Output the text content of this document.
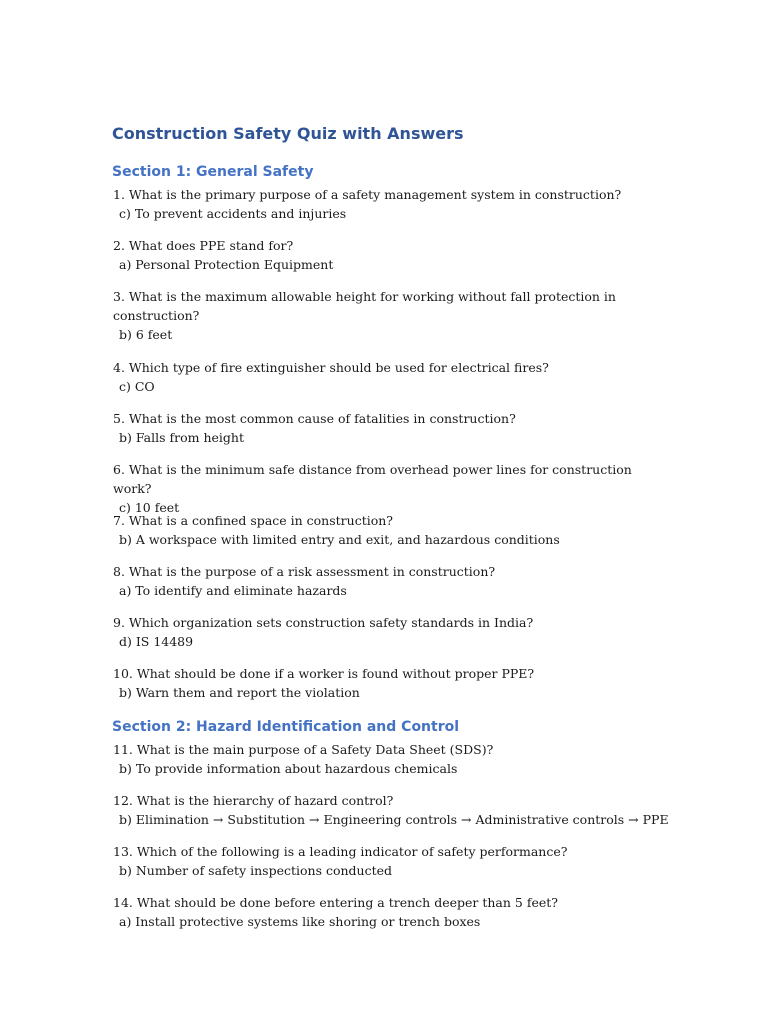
Construction Safety Quiz with Answers
Section 1: General Safety

1. What is the primary purpose of a safety management system in construction?

c) To prevent accidents and injuries

2. What does PPE stand for?

a) Personal Protection Equipment

3. What is the maximum allowable height for working without fall protection in construction?

b) 6 feet

4. Which type of fire extinguisher should be used for electrical fires?

c) CO

5. What is the most common cause of fatalities in construction?

b) Falls from height

6. What is the minimum safe distance from overhead power lines for construction work?

c) 10 feet

7. What is a confined space in construction?

b) A workspace with limited entry and exit, and hazardous conditions

8. What is the purpose of a risk assessment in construction?

a) To identify and eliminate hazards

9. Which organization sets construction safety standards in India?

d) IS 14489

10. What should be done if a worker is found without proper PPE?

b) Warn them and report the violation

Section 2: Hazard Identification and Control

11. What is the main purpose of a Safety Data Sheet (SDS)?

b) To provide information about hazardous chemicals

12. What is the hierarchy of hazard control?

b) Elimination → Substitution → Engineering controls → Administrative controls → PPE

13. Which of the following is a leading indicator of safety performance?

b) Number of safety inspections conducted

14. What should be done before entering a trench deeper than 5 feet?

a) Install protective systems like shoring or trench boxes
